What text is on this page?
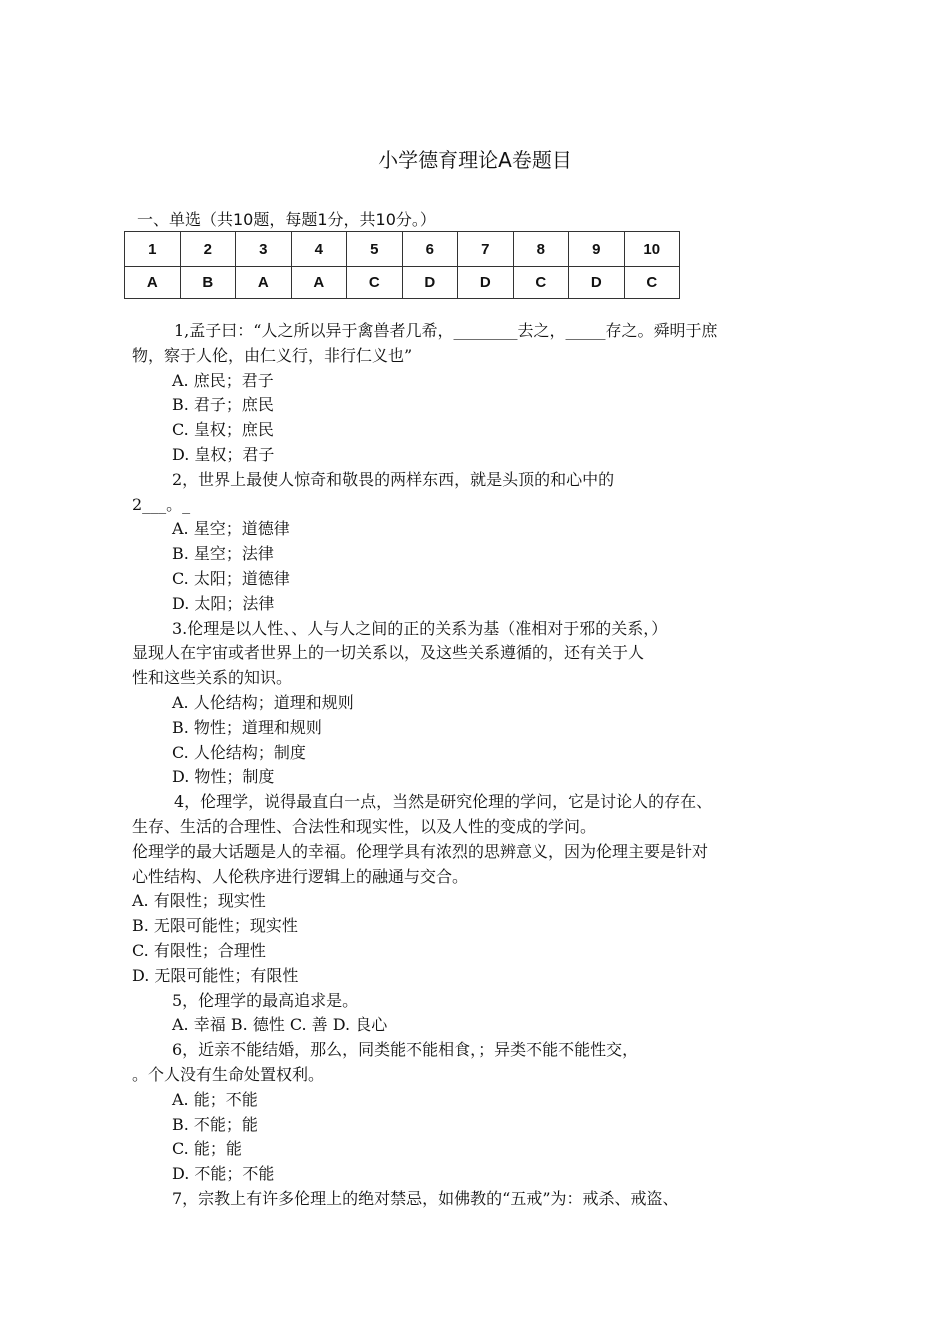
小学德育理论A卷题目
一、单选（共10题，每题1分，共10分。）
1	2	3	4	5	6	7	8	9	10
A	B	A	A	C	D	D	C	D	C
1,孟子曰：“人之所以异于禽兽者几希，________去之，_____存之。舜明于庶
物，察于人伦，由仁义行，非行仁义也”
A. 庶民；君子
B. 君子；庶民
C. 皇权；庶民
D. 皇权；君子
2，世界上最使人惊奇和敬畏的两样东西，就是头顶的和心中的
2___。_
A. 星空；道德律
B. 星空；法律
C. 太阳；道德律
D. 太阳；法律
3.伦理是以人性、、人与人之间的正的关系为基（准相对于邪的关系，）
显现人在宇宙或者世界上的一切关系以，及这些关系遵循的，还有关于人
性和这些关系的知识。
A. 人伦结构；道理和规则
B. 物性；道理和规则
C. 人伦结构；制度
D. 物性；制度
4，伦理学，说得最直白一点，当然是研究伦理的学问，它是讨论人的存在、
生存、生活的合理性、合法性和现实性，以及人性的变成的学问。
伦理学的最大话题是人的幸福。伦理学具有浓烈的思辨意义，因为伦理主要是针对
心性结构、人伦秩序进行逻辑上的融通与交合。
A. 有限性；现实性
B. 无限可能性；现实性
C. 有限性；合理性
D. 无限可能性；有限性
5，伦理学的最高追求是。
A. 幸福 B. 德性 C. 善 D. 良心
6，近亲不能结婚，那么，同类能不能相食，；异类不能不能性交，
。个人没有生命处置权利。
A. 能；不能
B. 不能；能
C. 能；能
D. 不能；不能
7，宗教上有许多伦理上的绝对禁忌，如佛教的“五戒”为：戒杀、戒盗、
